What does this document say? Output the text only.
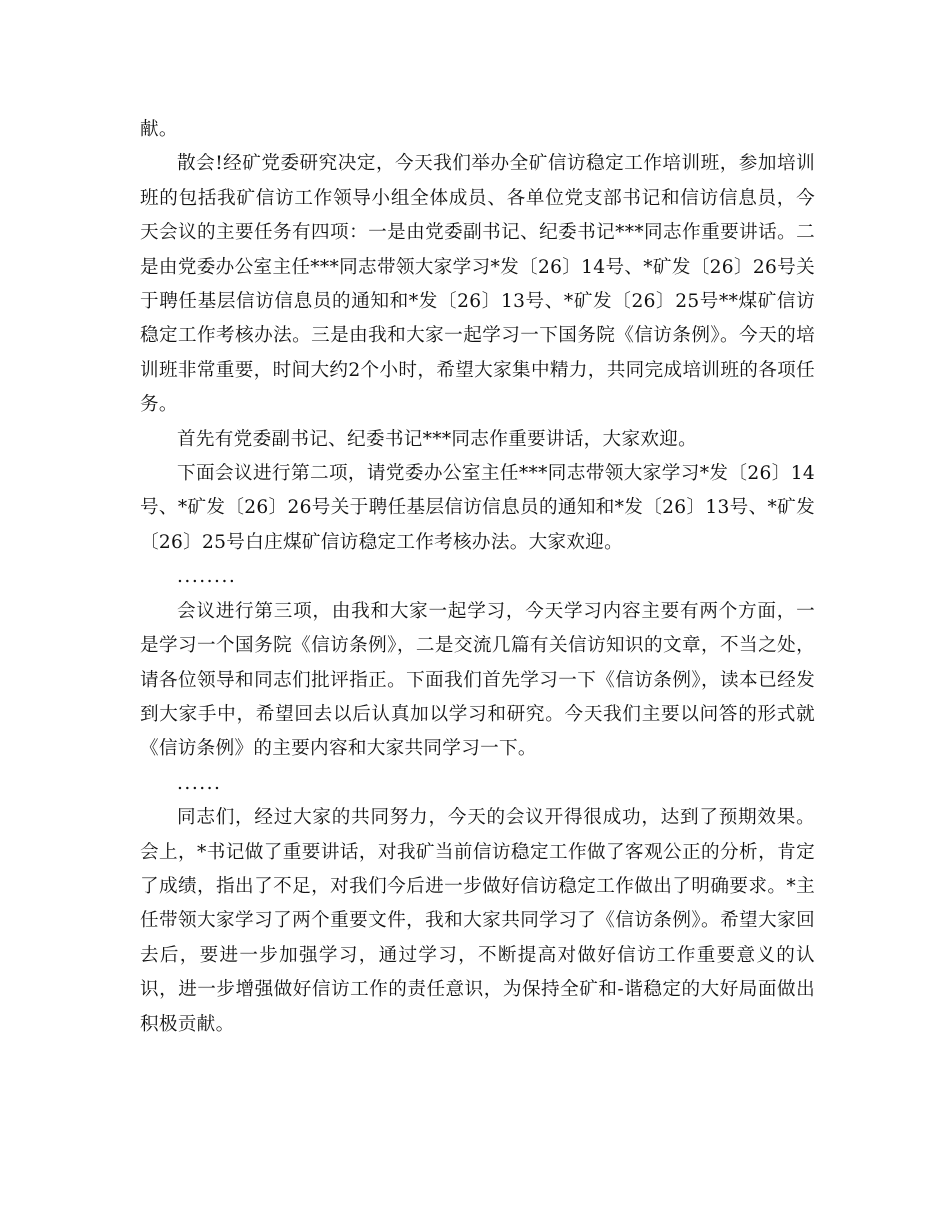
献。

散会!经矿党委研究决定，今天我们举办全矿信访稳定工作培训班，参加培训班的包括我矿信访工作领导小组全体成员、各单位党支部书记和信访信息员，今天会议的主要任务有四项：一是由党委副书记、纪委书记***同志作重要讲话。二是由党委办公室主任***同志带领大家学习*发〔26〕14号、*矿发〔26〕26号关于聘任基层信访信息员的通知和*发〔26〕13号、*矿发〔26〕25号**煤矿信访稳定工作考核办法。三是由我和大家一起学习一下国务院《信访条例》。今天的培训班非常重要，时间大约2个小时，希望大家集中精力，共同完成培训班的各项任务。

首先有党委副书记、纪委书记***同志作重要讲话，大家欢迎。

下面会议进行第二项，请党委办公室主任***同志带领大家学习*发〔26〕14号、*矿发〔26〕26号关于聘任基层信访信息员的通知和*发〔26〕13号、*矿发〔26〕25号白庄煤矿信访稳定工作考核办法。大家欢迎。

........

会议进行第三项，由我和大家一起学习，今天学习内容主要有两个方面，一是学习一个国务院《信访条例》，二是交流几篇有关信访知识的文章，不当之处，请各位领导和同志们批评指正。下面我们首先学习一下《信访条例》，读本已经发到大家手中，希望回去以后认真加以学习和研究。今天我们主要以问答的形式就《信访条例》的主要内容和大家共同学习一下。

......

同志们，经过大家的共同努力，今天的会议开得很成功，达到了预期效果。会上，*书记做了重要讲话，对我矿当前信访稳定工作做了客观公正的分析，肯定了成绩，指出了不足，对我们今后进一步做好信访稳定工作做出了明确要求。*主任带领大家学习了两个重要文件，我和大家共同学习了《信访条例》。希望大家回去后，要进一步加强学习，通过学习，不断提高对做好信访工作重要意义的认识，进一步增强做好信访工作的责任意识，为保持全矿和-谐稳定的大好局面做出积极贡献。
